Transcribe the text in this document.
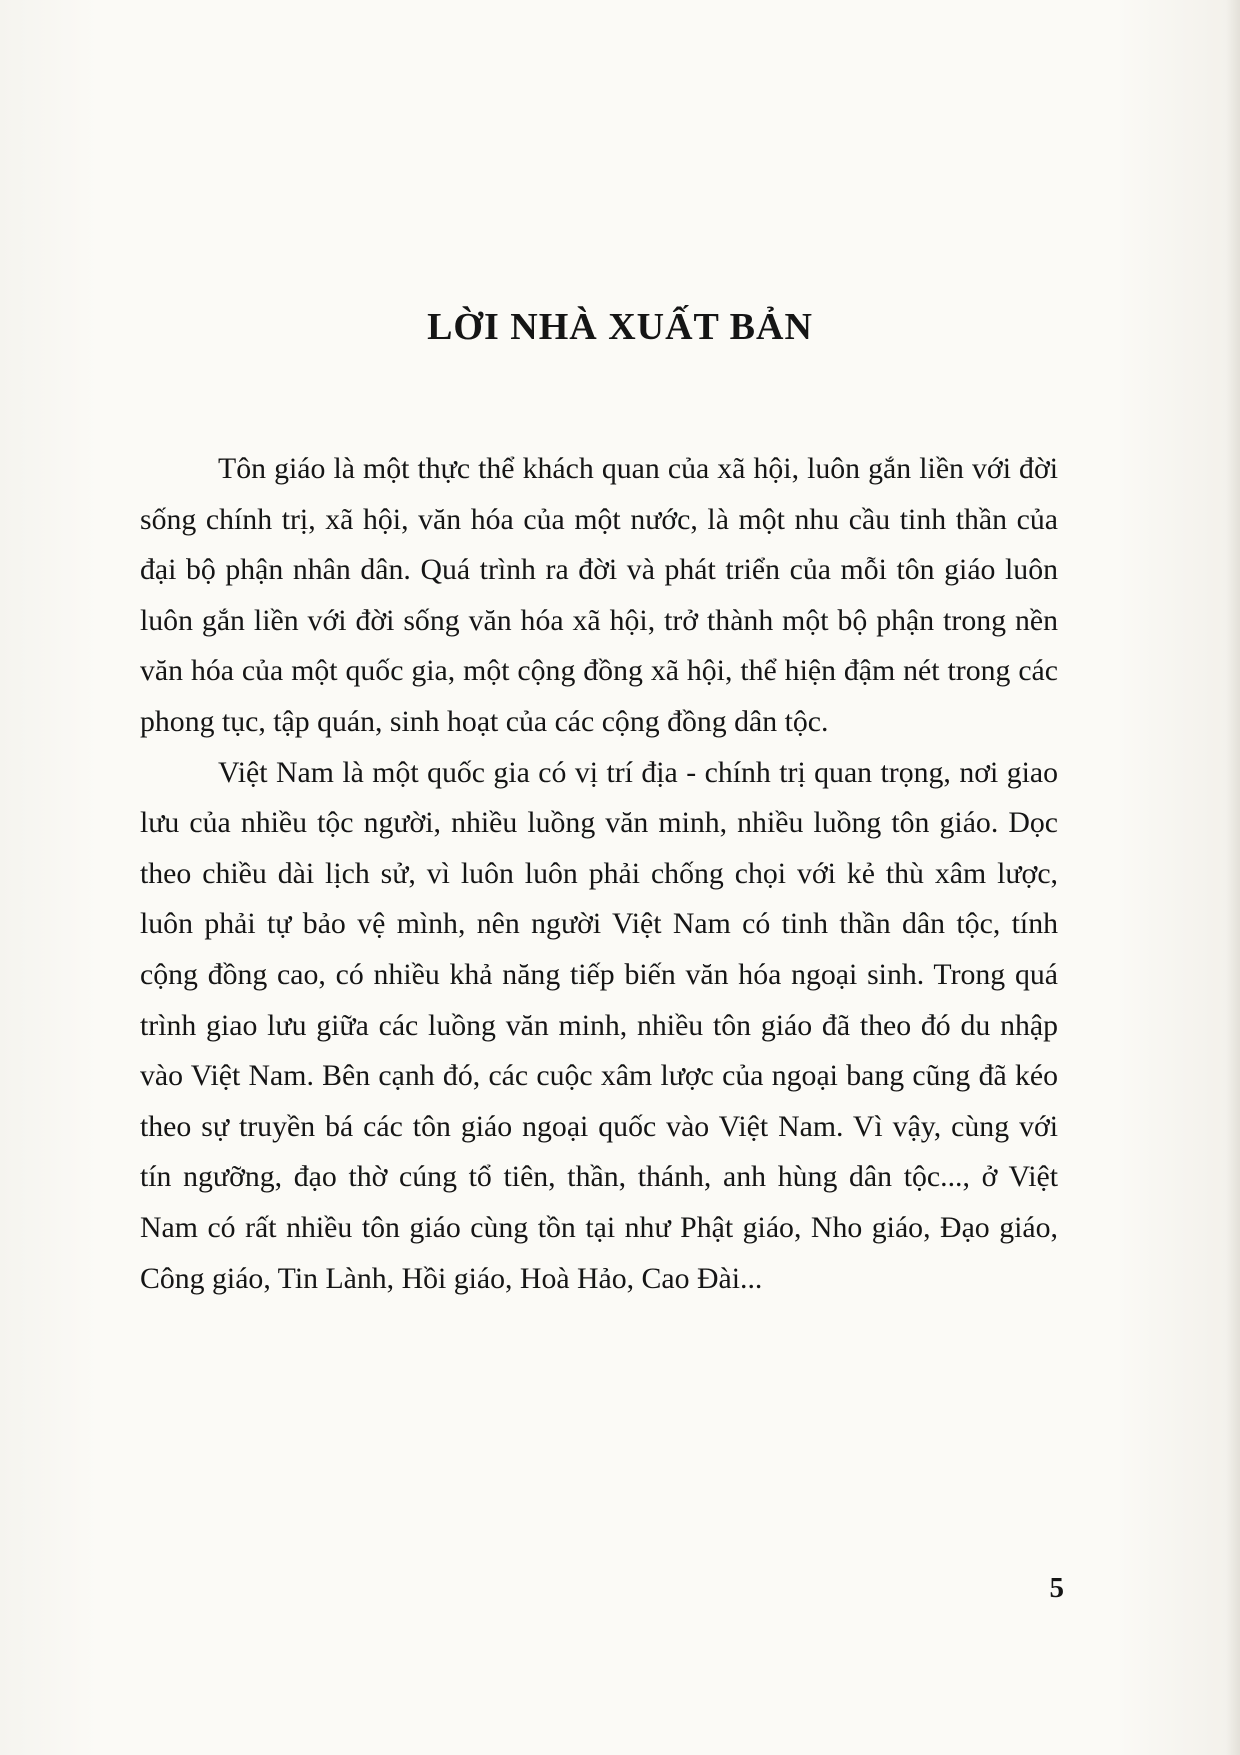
LỜI NHÀ XUẤT BẢN

Tôn giáo là một thực thể khách quan của xã hội, luôn gắn liền với đời sống chính trị, xã hội, văn hóa của một nước, là một nhu cầu tinh thần của đại bộ phận nhân dân. Quá trình ra đời và phát triển của mỗi tôn giáo luôn luôn gắn liền với đời sống văn hóa xã hội, trở thành một bộ phận trong nền văn hóa của một quốc gia, một cộng đồng xã hội, thể hiện đậm nét trong các phong tục, tập quán, sinh hoạt của các cộng đồng dân tộc.

Việt Nam là một quốc gia có vị trí địa - chính trị quan trọng, nơi giao lưu của nhiều tộc người, nhiều luồng văn minh, nhiều luồng tôn giáo. Dọc theo chiều dài lịch sử, vì luôn luôn phải chống chọi với kẻ thù xâm lược, luôn phải tự bảo vệ mình, nên người Việt Nam có tinh thần dân tộc, tính cộng đồng cao, có nhiều khả năng tiếp biến văn hóa ngoại sinh. Trong quá trình giao lưu giữa các luồng văn minh, nhiều tôn giáo đã theo đó du nhập vào Việt Nam. Bên cạnh đó, các cuộc xâm lược của ngoại bang cũng đã kéo theo sự truyền bá các tôn giáo ngoại quốc vào Việt Nam. Vì vậy, cùng với tín ngưỡng, đạo thờ cúng tổ tiên, thần, thánh, anh hùng dân tộc..., ở Việt Nam có rất nhiều tôn giáo cùng tồn tại như Phật giáo, Nho giáo, Đạo giáo, Công giáo, Tin Lành, Hồi giáo, Hoà Hảo, Cao Đài...

5
